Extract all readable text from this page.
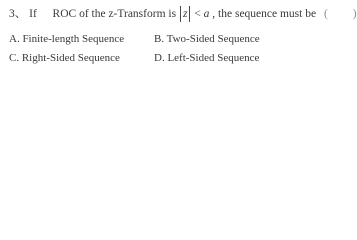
3、 If ROC of the z-Transform is z < a , the sequence must be ( )
A. Finite-length Sequence	B. Two-Sided Sequence
C. Right-Sided Sequence	D. Left-Sided Sequence
